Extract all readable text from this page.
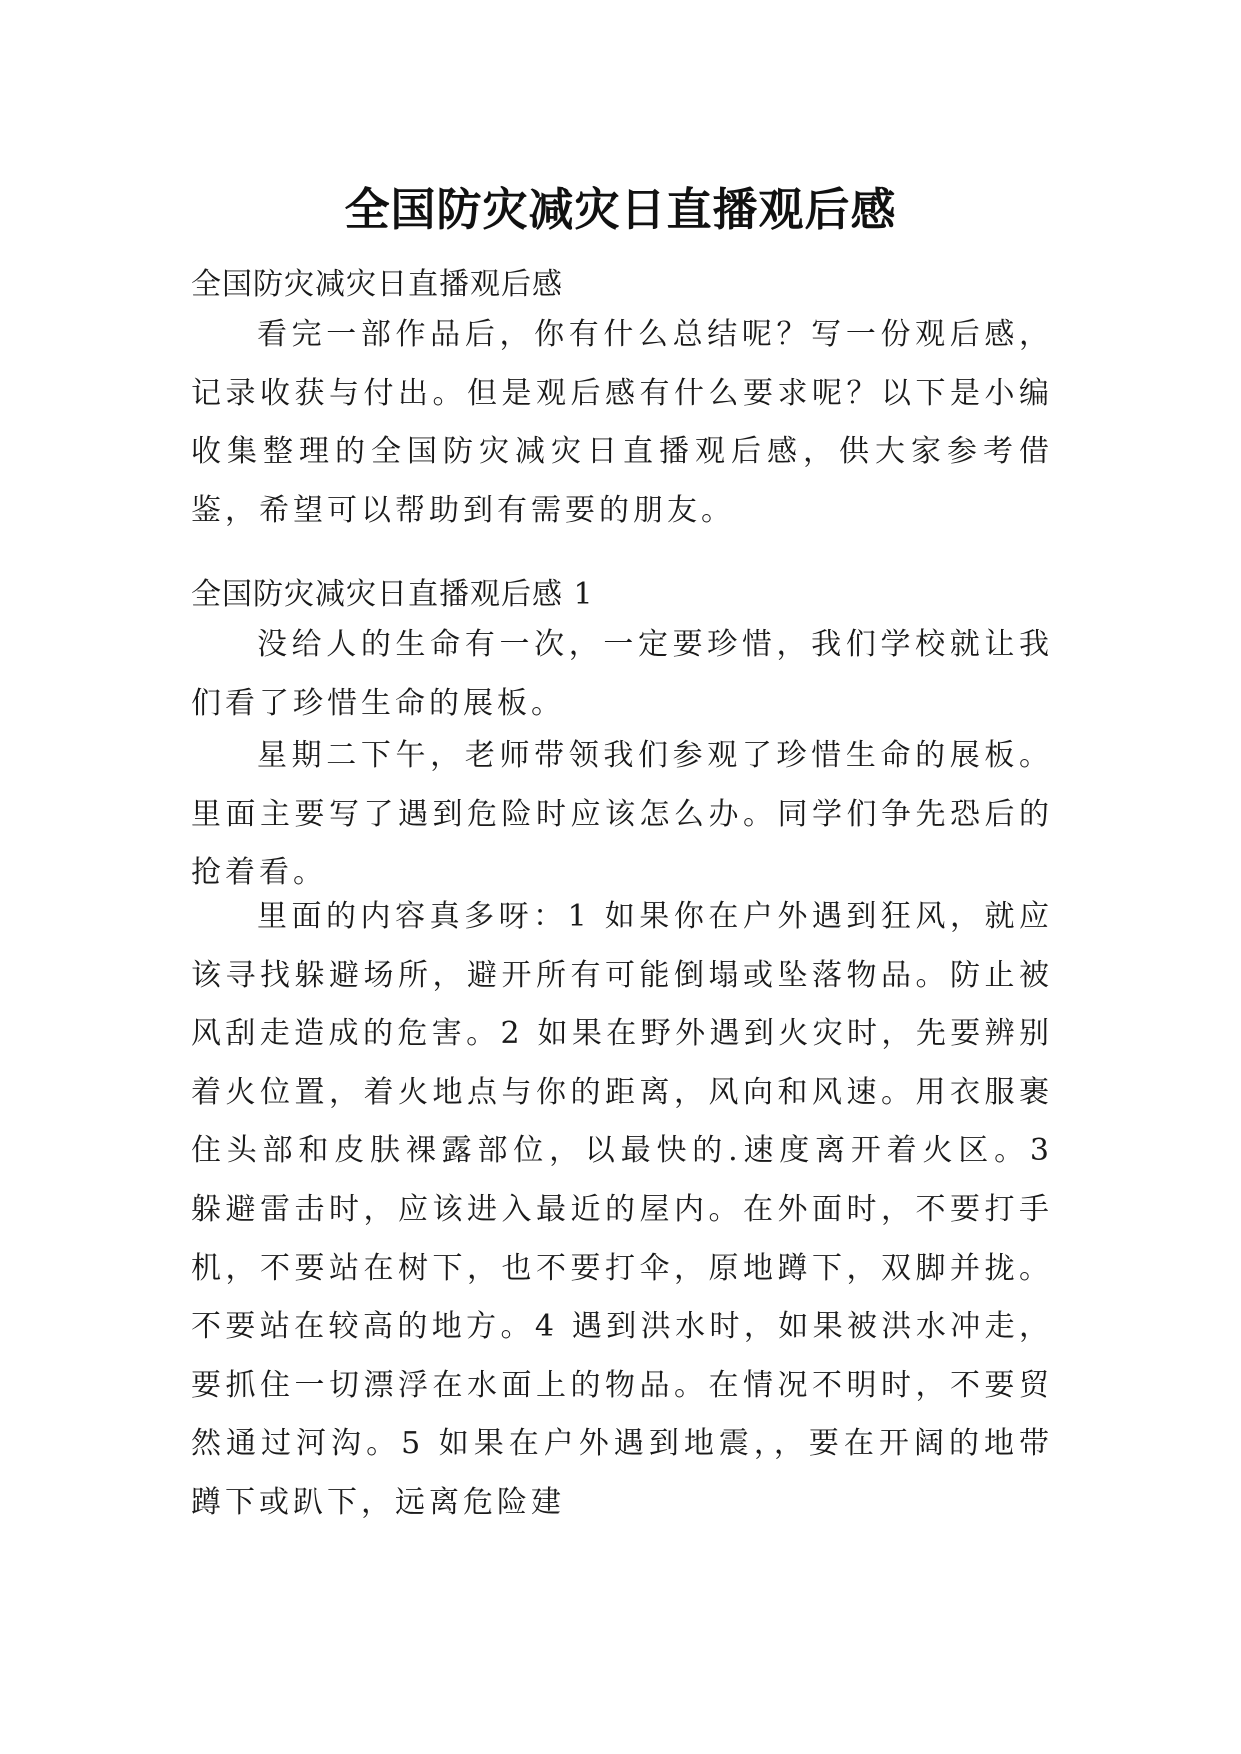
全国防灾减灾日直播观后感

全国防灾减灾日直播观后感

看完一部作品后，你有什么总结呢？写一份观后感，记录收获与付出。但是观后感有什么要求呢？以下是小编收集整理的全国防灾减灾日直播观后感，供大家参考借鉴，希望可以帮助到有需要的朋友。

全国防灾减灾日直播观后感 1

没给人的生命有一次，一定要珍惜，我们学校就让我们看了珍惜生命的展板。

星期二下午，老师带领我们参观了珍惜生命的展板。里面主要写了遇到危险时应该怎么办。同学们争先恐后的抢着看。

里面的内容真多呀：1 如果你在户外遇到狂风，就应该寻找躲避场所，避开所有可能倒塌或坠落物品。防止被风刮走造成的危害。2 如果在野外遇到火灾时，先要辨别着火位置，着火地点与你的距离，风向和风速。用衣服裹住头部和皮肤裸露部位，以最快的.速度离开着火区。3 躲避雷击时，应该进入最近的屋内。在外面时，不要打手机，不要站在树下，也不要打伞，原地蹲下，双脚并拢。不要站在较高的地方。4 遇到洪水时，如果被洪水冲走，要抓住一切漂浮在水面上的物品。在情况不明时，不要贸然通过河沟。5 如果在户外遇到地震，，要在开阔的地带蹲下或趴下，远离危险建
